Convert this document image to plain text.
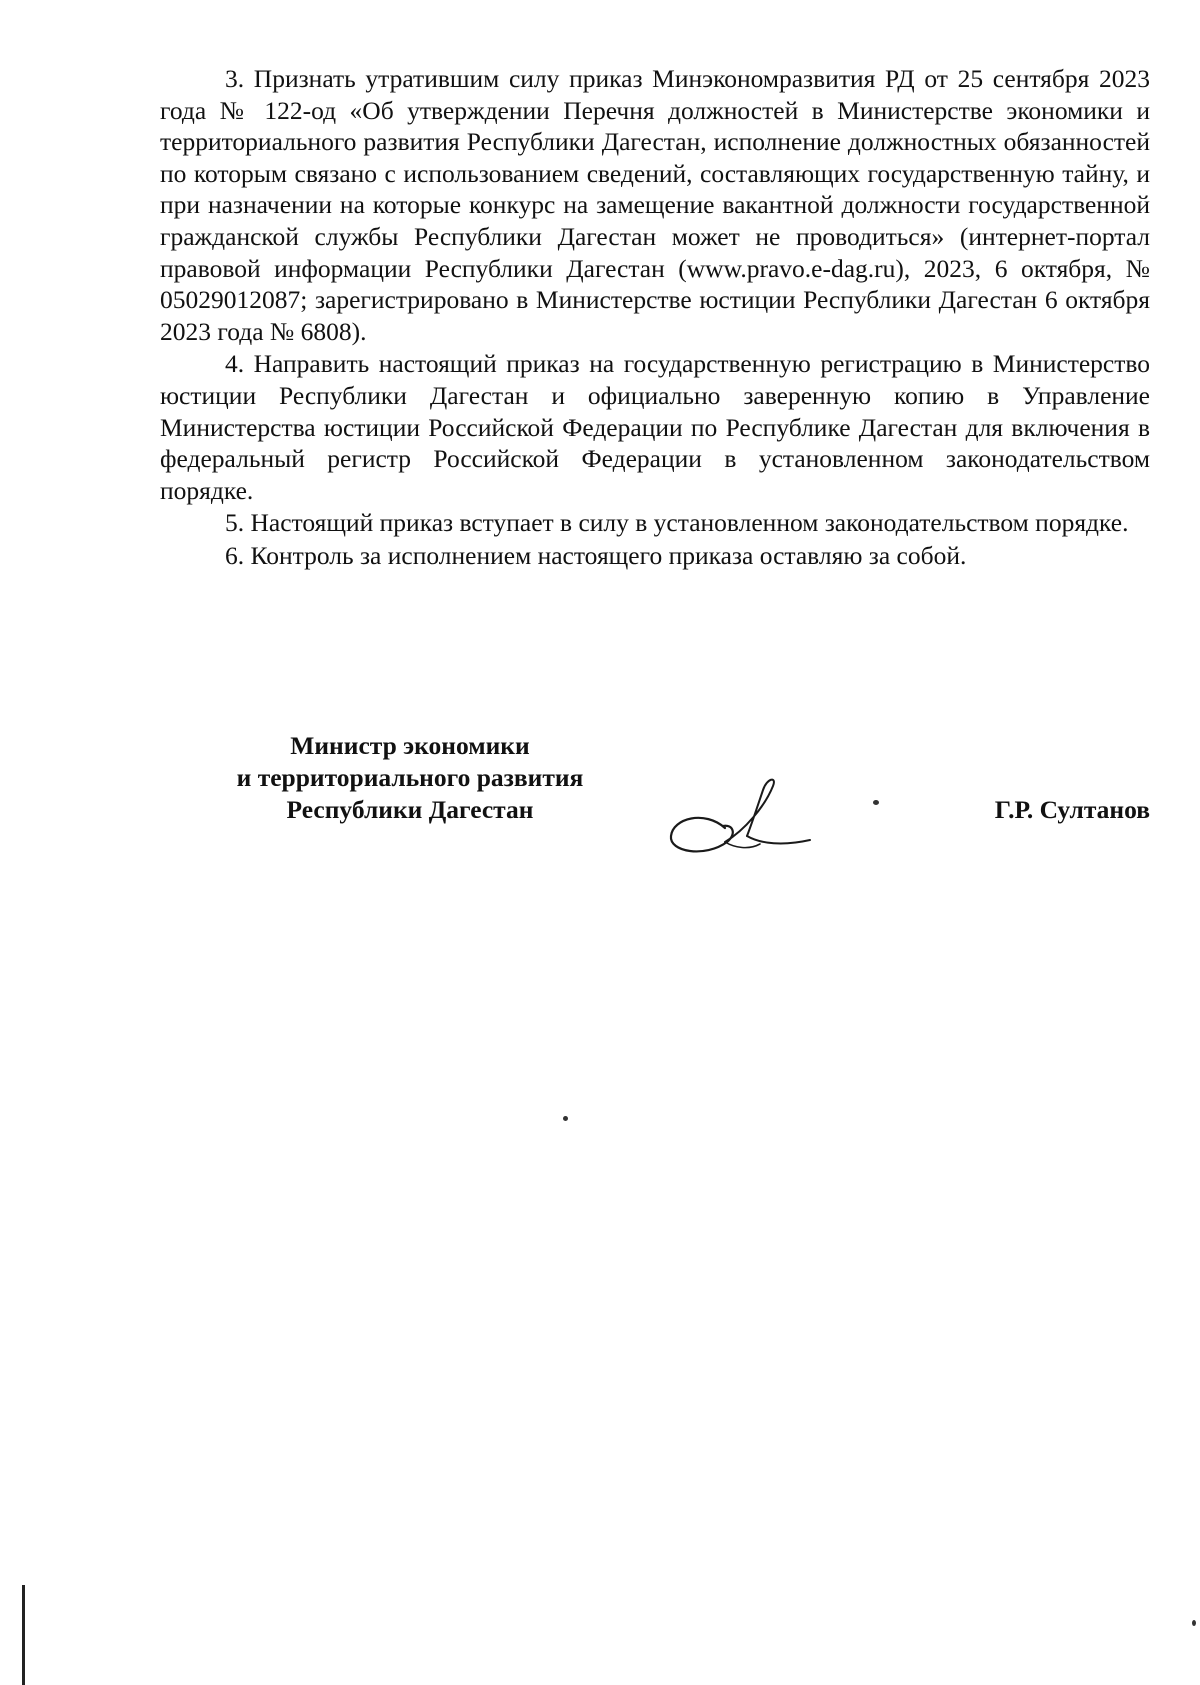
3. Признать утратившим силу приказ Минэкономразвития РД от 25 сентября 2023 года № 122-од «Об утверждении Перечня должностей в Министерстве экономики и территориального развития Республики Дагестан, исполнение должностных обязанностей по которым связано с использованием сведений, составляющих государственную тайну, и при назначении на которые конкурс на замещение вакантной должности государственной гражданской службы Республики Дагестан может не проводиться» (интернет-портал правовой информации Республики Дагестан (www.pravo.e-dag.ru), 2023, 6 октября, № 05029012087; зарегистрировано в Министерстве юстиции Республики Дагестан 6 октября 2023 года № 6808).

4. Направить настоящий приказ на государственную регистрацию в Министерство юстиции Республики Дагестан и официально заверенную копию в Управление Министерства юстиции Российской Федерации по Республике Дагестан для включения в федеральный регистр Российской Федерации в установленном законодательством порядке.

5. Настоящий приказ вступает в силу в установленном законодательством порядке.

6. Контроль за исполнением настоящего приказа оставляю за собой.

Министр экономики
и территориального развития
Республики Дагестан	Г.Р. Султанов
